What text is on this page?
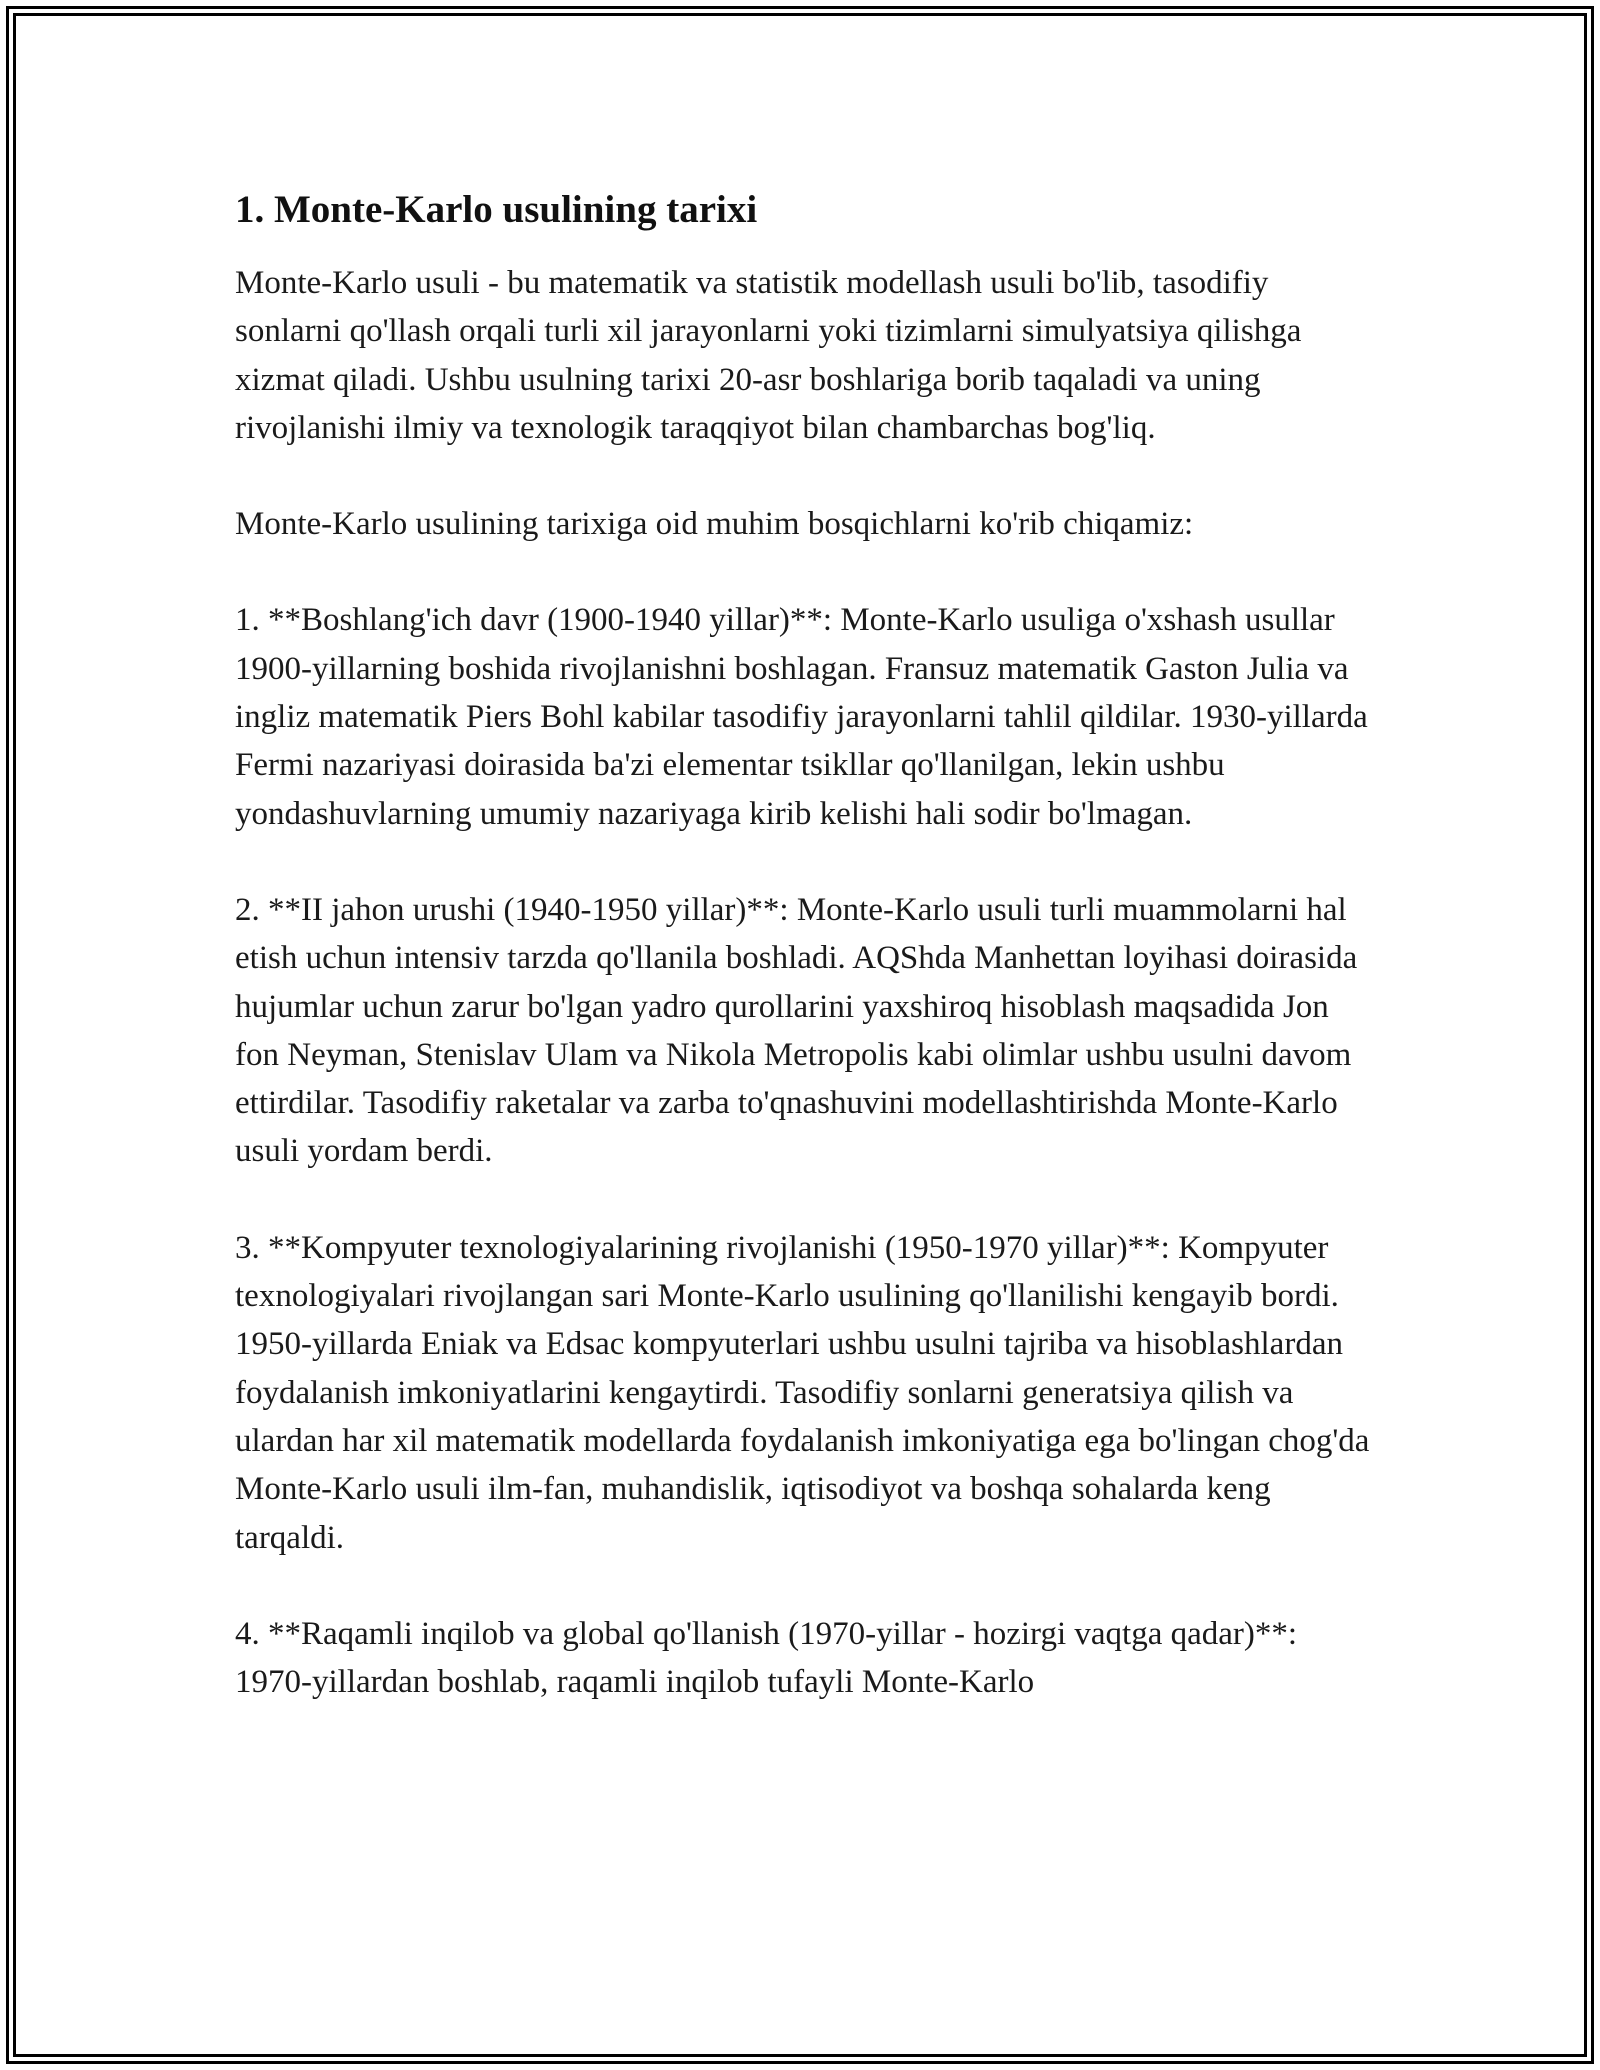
1. Monte-Karlo usulining tarixi

Monte-Karlo usuli - bu matematik va statistik modellash usuli bo'lib, tasodifiy sonlarni qo'llash orqali turli xil jarayonlarni yoki tizimlarni simulyatsiya qilishga xizmat qiladi. Ushbu usulning tarixi 20-asr boshlariga borib taqaladi va uning rivojlanishi ilmiy va texnologik taraqqiyot bilan chambarchas bog'liq.

Monte-Karlo usulining tarixiga oid muhim bosqichlarni ko'rib chiqamiz:

1. **Boshlang'ich davr (1900-1940 yillar)**: Monte-Karlo usuliga o'xshash usullar 1900-yillarning boshida rivojlanishni boshlagan. Fransuz matematik Gaston Julia va ingliz matematik Piers Bohl kabilar tasodifiy jarayonlarni tahlil qildilar. 1930-yillarda Fermi nazariyasi doirasida ba'zi elementar tsikllar qo'llanilgan, lekin ushbu yondashuvlarning umumiy nazariyaga kirib kelishi hali sodir bo'lmagan.

2. **II jahon urushi (1940-1950 yillar)**: Monte-Karlo usuli turli muammolarni hal etish uchun intensiv tarzda qo'llanila boshladi. AQShda Manhettan loyihasi doirasida hujumlar uchun zarur bo'lgan yadro qurollarini yaxshiroq hisoblash maqsadida Jon fon Neyman, Stenislav Ulam va Nikola Metropolis kabi olimlar ushbu usulni davom ettirdilar. Tasodifiy raketalar va zarba to'qnashuvini modellashtirishda Monte-Karlo usuli yordam berdi.

3. **Kompyuter texnologiyalarining rivojlanishi (1950-1970 yillar)**: Kompyuter texnologiyalari rivojlangan sari Monte-Karlo usulining qo'llanilishi kengayib bordi. 1950-yillarda Eniak va Edsac kompyuterlari ushbu usulni tajriba va hisoblashlardan foydalanish imkoniyatlarini kengaytirdi. Tasodifiy sonlarni generatsiya qilish va ulardan har xil matematik modellarda foydalanish imkoniyatiga ega bo'lingan chog'da Monte-Karlo usuli ilm-fan, muhandislik, iqtisodiyot va boshqa sohalarda keng tarqaldi.

4. **Raqamli inqilob va global qo'llanish (1970-yillar - hozirgi vaqtga qadar)**: 1970-yillardan boshlab, raqamli inqilob tufayli Monte-Karlo
